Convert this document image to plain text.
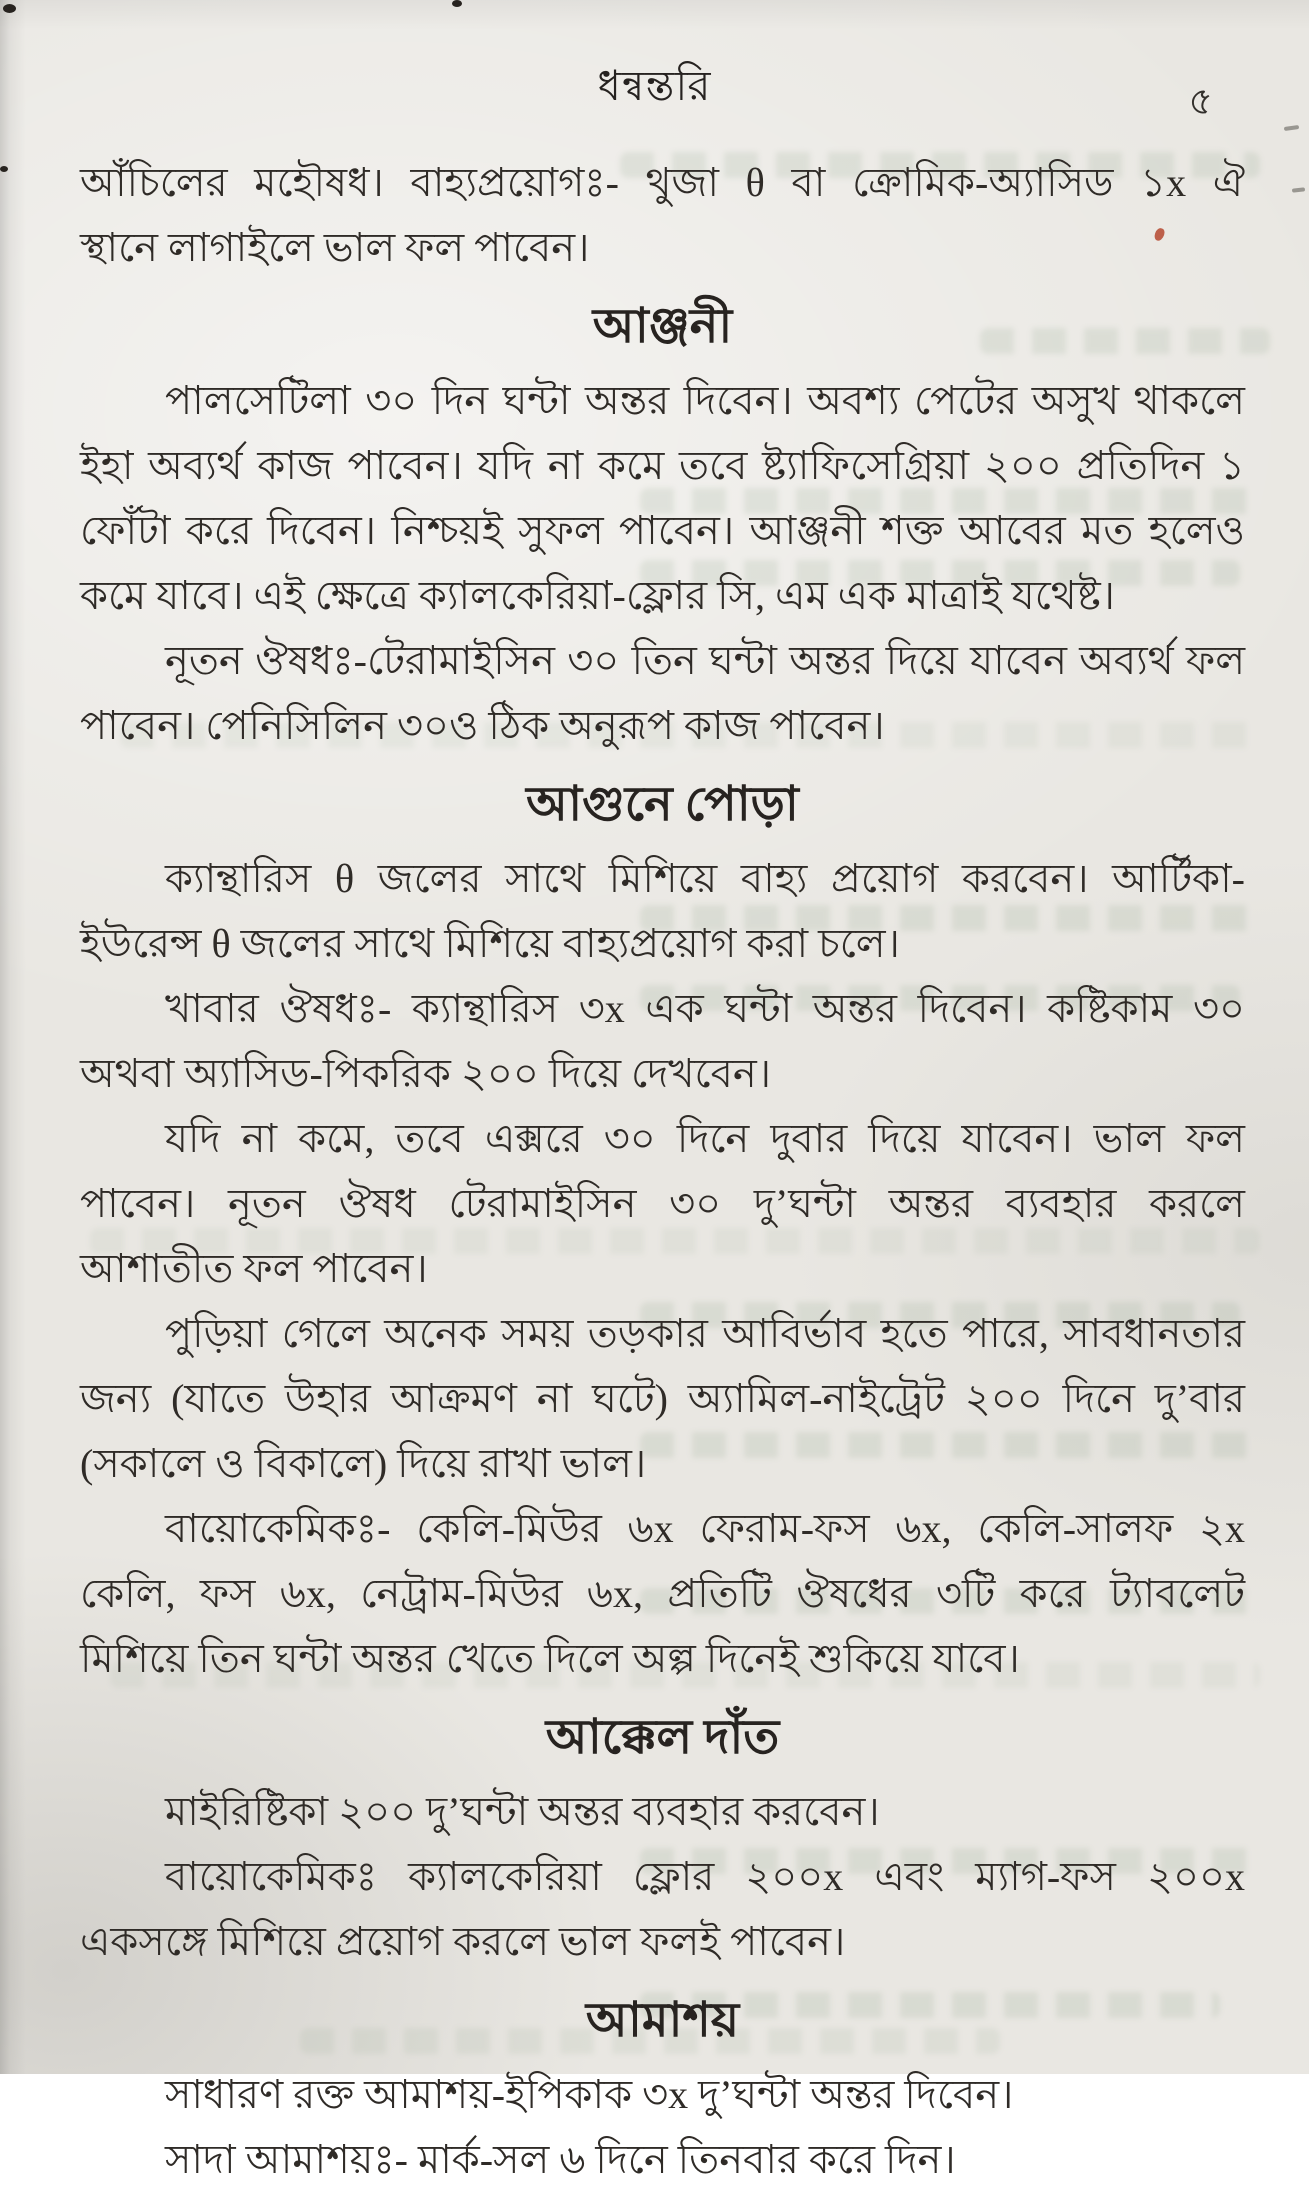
ধন্বন্তরি	৫
আঁচিলের মহৌষধ। বাহ্যপ্রয়োগঃ- থুজা θ বা ক্রোমিক-অ্যাসিড ১x ঐ
স্থানে লাগাইলে ভাল ফল পাবেন।
আঞ্জনী
পালসেটিলা ৩০ দিন ঘন্টা অন্তর দিবেন। অবশ্য পেটের অসুখ থাকলে
ইহা অব্যর্থ কাজ পাবেন। যদি না কমে তবে ষ্ট্যাফিসেগ্রিয়া ২০০ প্রতিদিন ১
ফোঁটা করে দিবেন। নিশ্চয়ই সুফল পাবেন। আঞ্জনী শক্ত আবের মত হলেও
কমে যাবে। এই ক্ষেত্রে ক্যালকেরিয়া-ফ্লোর সি, এম এক মাত্রাই যথেষ্ট।
নূতন ঔষধঃ-টেরামাইসিন ৩০ তিন ঘন্টা অন্তর দিয়ে যাবেন অব্যর্থ ফল
পাবেন। পেনিসিলিন ৩০ও ঠিক অনুরূপ কাজ পাবেন।
আগুনে পোড়া
ক্যান্থারিস θ জলের সাথে মিশিয়ে বাহ্য প্রয়োগ করবেন। আর্টিকা-
ইউরেন্স θ জলের সাথে মিশিয়ে বাহ্যপ্রয়োগ করা চলে।
খাবার ঔষধঃ- ক্যান্থারিস ৩x এক ঘন্টা অন্তর দিবেন। কষ্টিকাম ৩০
অথবা অ্যাসিড-পিকরিক ২০০ দিয়ে দেখবেন।
যদি না কমে, তবে এক্সরে ৩০ দিনে দুবার দিয়ে যাবেন। ভাল ফল
পাবেন। নূতন ঔষধ টেরামাইসিন ৩০ দু’ঘন্টা অন্তর ব্যবহার করলে
আশাতীত ফল পাবেন।
পুড়িয়া গেলে অনেক সময় তড়কার আবির্ভাব হতে পারে, সাবধানতার
জন্য (যাতে উহার আক্রমণ না ঘটে) অ্যামিল-নাইট্রেট ২০০ দিনে দু’বার
(সকালে ও বিকালে) দিয়ে রাখা ভাল।
বায়োকেমিকঃ- কেলি-মিউর ৬x ফেরাম-ফস ৬x, কেলি-সালফ ২x
কেলি, ফস ৬x, নেট্রাম-মিউর ৬x, প্রতিটি ঔষধের ৩টি করে ট্যাবলেট
মিশিয়ে তিন ঘন্টা অন্তর খেতে দিলে অল্প দিনেই শুকিয়ে যাবে।
আক্কেল দাঁত
মাইরিষ্টিকা ২০০ দু’ঘন্টা অন্তর ব্যবহার করবেন।
বায়োকেমিকঃ ক্যালকেরিয়া ফ্লোর ২০০x এবং ম্যাগ-ফস ২০০x
একসঙ্গে মিশিয়ে প্রয়োগ করলে ভাল ফলই পাবেন।
আমাশয়
সাধারণ রক্ত আমাশয়-ইপিকাক ৩x দু’ঘন্টা অন্তর দিবেন।
সাদা আমাশয়ঃ- মার্ক-সল ৬ দিনে তিনবার করে দিন।
